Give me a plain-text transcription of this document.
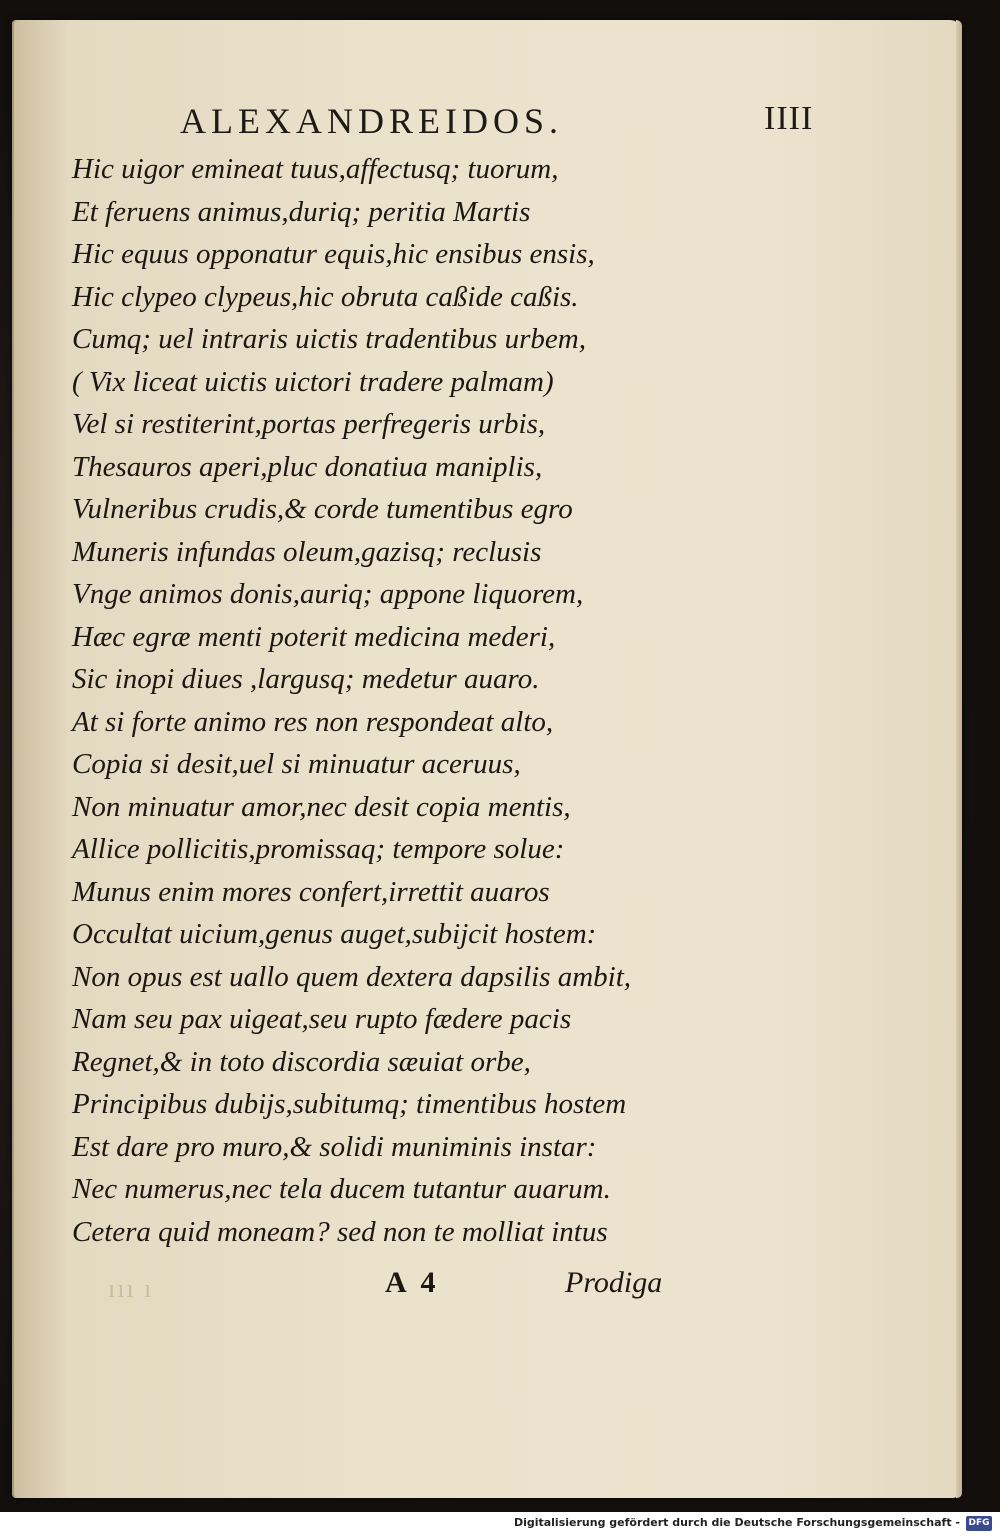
ALEXANDREIDOS.	IIII
Hic uigor emineat tuus,affectusq; tuorum,
Et feruens animus,duriq; peritia Martis
Hic equus opponatur equis,hic ensibus ensis,
Hic clypeo clypeus,hic obruta caßide caßis.
Cumq; uel intraris uictis tradentibus urbem,
( Vix liceat uictis uictori tradere palmam)
Vel si restiterint,portas perfregeris urbis,
Thesauros aperi,pluc donatiua maniplis,
Vulneribus crudis,& corde tumentibus egro
Muneris infundas oleum,gazisq; reclusis
Vnge animos donis,auriq; appone liquorem,
Hæc egræ menti poterit medicina mederi,
Sic inopi diues ,largusq; medetur auaro.
At si forte animo res non respondeat alto,
Copia si desit,uel si minuatur aceruus,
Non minuatur amor,nec desit copia mentis,
Allice pollicitis,promissaq; tempore solue:
Munus enim mores confert,irrettit auaros
Occultat uicium,genus auget,subijcit hostem:
Non opus est uallo quem dextera dapsilis ambit,
Nam seu pax uigeat,seu rupto fædere pacis
Regnet,& in toto discordia sæuiat orbe,
Principibus dubijs,subitumq; timentibus hostem
Est dare pro muro,& solidi muniminis instar:
Nec numerus,nec tela ducem tutantur auarum.
Cetera quid moneam? sed non te molliat intus
ııı ı	A 4	Prodiga
Digitalisierung gefördert durch die Deutsche Forschungsgemeinschaft - DFG
